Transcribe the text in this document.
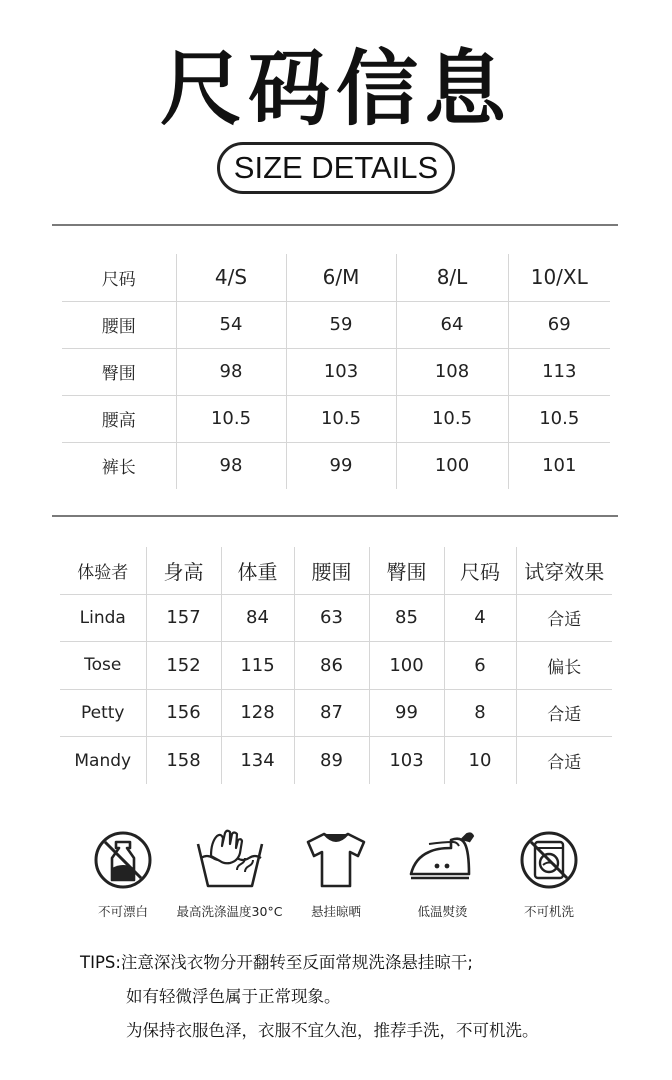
尺码信息
SIZE DETAILS
尺码	4/S	6/M	8/L	10/XL
腰围	54	59	64	69
臀围	98	103	108	113
腰高	10.5	10.5	10.5	10.5
裤长	98	99	100	101
体验者	身高	体重	腰围	臀围	尺码	试穿效果
Linda	157	84	63	85	4	合适
Tose	152	115	86	100	6	偏长
Petty	156	128	87	99	8	合适
Mandy	158	134	89	103	10	合适
不可漂白	最高洗涤温度30°C	悬挂晾晒	低温熨烫	不可机洗
TIPS:注意深浅衣物分开翻转至反面常规洗涤悬挂晾干;
如有轻微浮色属于正常现象。
为保持衣服色泽，衣服不宜久泡，推荐手洗，不可机洗。
